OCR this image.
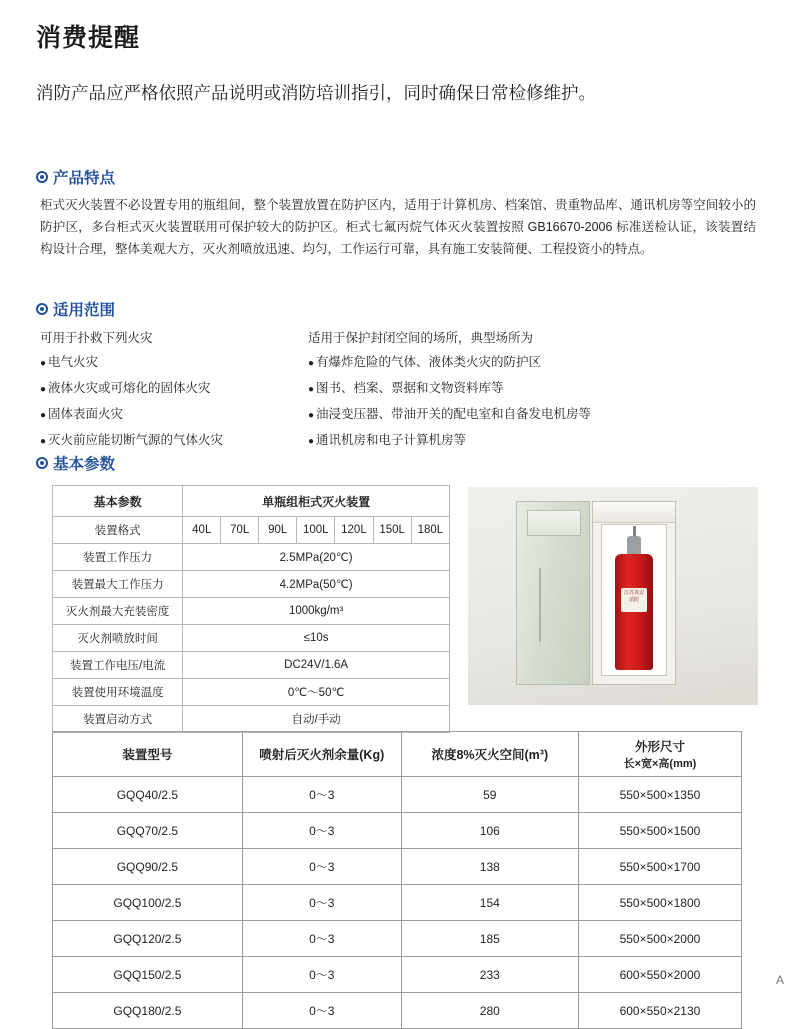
消费提醒
消防产品应严格依照产品说明或消防培训指引，同时确保日常检修维护。
产品特点
柜式灭火装置不必设置专用的瓶组间，整个装置放置在防护区内，适用于计算机房、档案馆、贵重物品库、通讯机房等空间较小的防护区，多台柜式灭火装置联用可保护较大的防护区。柜式七氟丙烷气体灭火装置按照 GB16670-2006 标准送检认证，该装置结构设计合理，整体美观大方，灭火剂喷放迅速、均匀，工作运行可靠，具有施工安装简便、工程投资小的特点。
适用范围
可用于扑救下列火灾
● 电气火灾
● 液体火灾或可熔化的固体火灾
● 固体表面火灾
● 灭火前应能切断气源的气体火灾
适用于保护封闭空间的场所，典型场所为
● 有爆炸危险的气体、液体类火灾的防护区
● 图书、档案、票据和文物资料库等
● 油浸变压器、带油开关的配电室和自备发电机房等
● 通讯机房和电子计算机房等
基本参数
基本参数	单瓶组柜式灭火装置						
装置格式	40L	70L	90L	100L	120L	150L	180L
装置工作压力	2.5MPa(20℃)						
装置最大工作压力	4.2MPa(50℃)						
灭火剂最大充装密度	1000kg/m³						
灭火剂喷放时间	≤10s						
装置工作电压/电流	DC24V/1.6A						
装置使用环境温度	0℃～50℃						
装置启动方式	自动/手动						
江苏真安 消防
装置型号	喷射后灭火剂余量(Kg)	浓度8%灭火空间(m³)	外形尺寸
长×宽×高(mm)

GQQ40/2.5	0～3	59	550×500×1350
GQQ70/2.5	0～3	106	550×500×1500
GQQ90/2.5	0～3	138	550×500×1700
GQQ100/2.5	0～3	154	550×500×1800
GQQ120/2.5	0～3	185	550×500×2000
GQQ150/2.5	0～3	233	600×550×2000
GQQ180/2.5	0～3	280	600×550×2130
A
